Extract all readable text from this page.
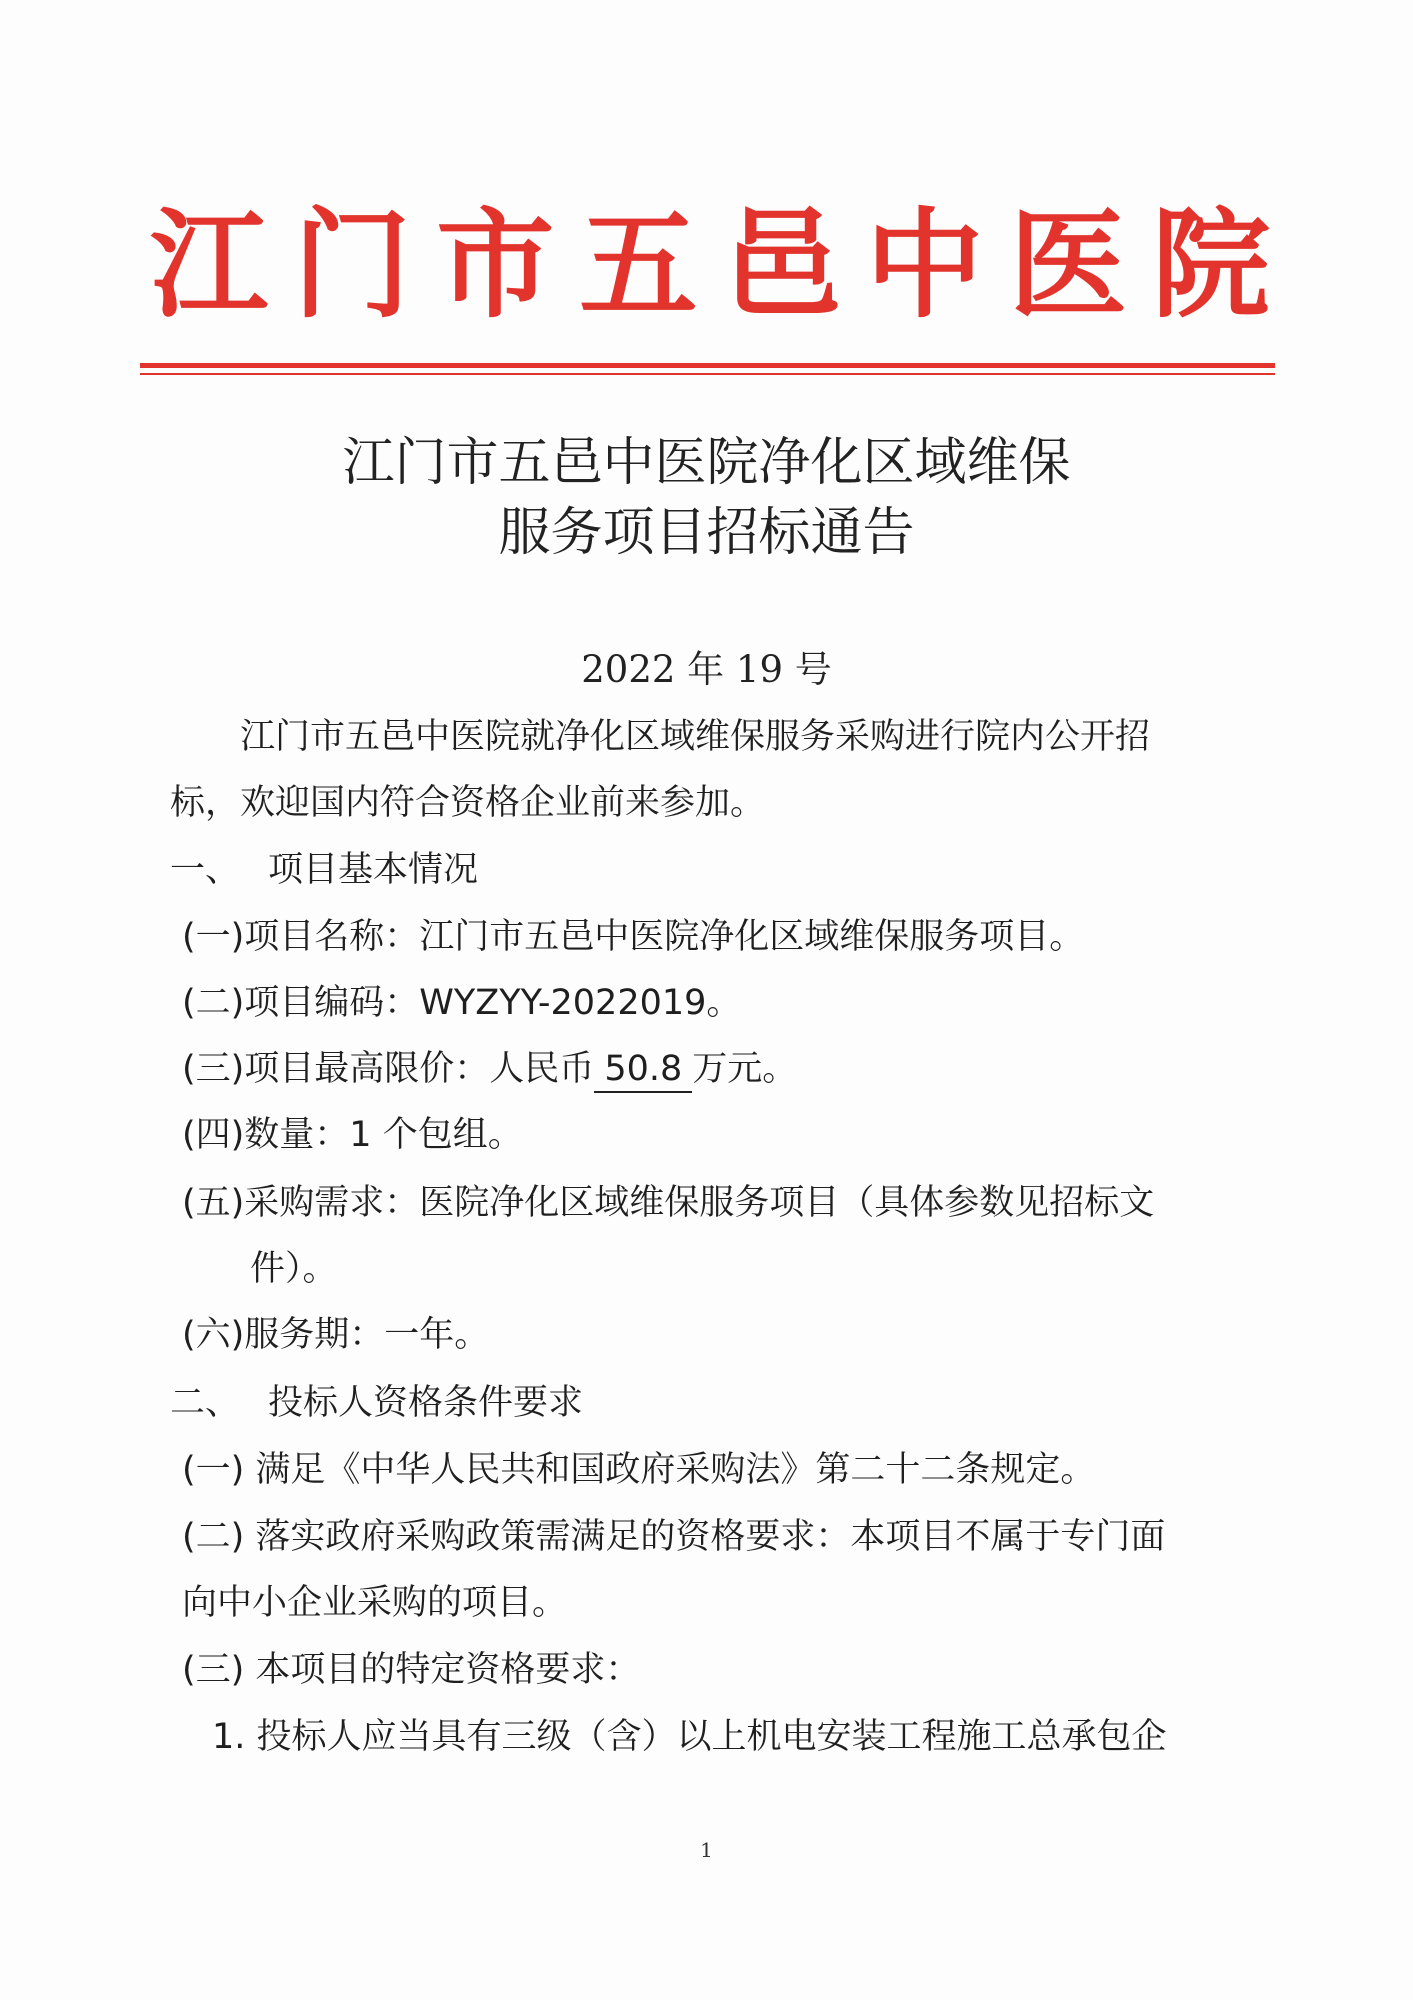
江 门 市 五 邑 中 医 院
江门市五邑中医院净化区域维保
服务项目招标通告
2022 年 19 号
江门市五邑中医院就净化区域维保服务采购进行院内公开招
标，欢迎国内符合资格企业前来参加。
一、 项目基本情况
(一)项目名称：江门市五邑中医院净化区域维保服务项目。
(二)项目编码：WYZYY-2022019。
(三)项目最高限价：人民币 50.8 万元。
(四)数量：1 个包组。
(五)采购需求：医院净化区域维保服务项目（具体参数见招标文
件）。
(六)服务期：一年。
二、 投标人资格条件要求
(一) 满足《中华人民共和国政府采购法》第二十二条规定。
(二) 落实政府采购政策需满足的资格要求：本项目不属于专门面
向中小企业采购的项目。
(三) 本项目的特定资格要求：
1. 投标人应当具有三级（含）以上机电安装工程施工总承包企
1
